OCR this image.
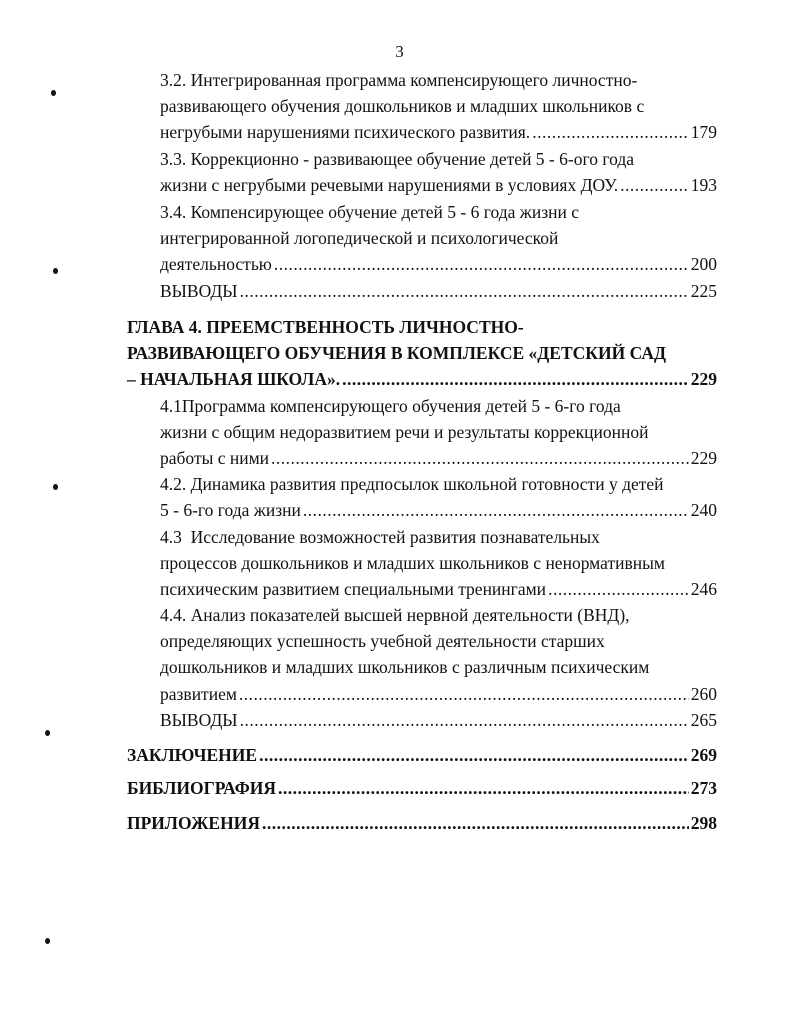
3
3.2. Интегрированная программа компенсирующего личностно-
развивающего обучения дошкольников и младших школьников с
негрубыми нарушениями психического развития. .....	179
3.3. Коррекционно - развивающее обучение детей 5 - 6-ого года
жизни с негрубыми речевыми нарушениями в условиях ДОУ. .....	193
3.4. Компенсирующее обучение детей 5 - 6 года жизни с
интегрированной логопедической и психологической
деятельностью .....	200
ВЫВОДЫ .....	225
ГЛАВА 4. ПРЕЕМСТВЕННОСТЬ ЛИЧНОСТНО-
РАЗВИВАЮЩЕГО ОБУЧЕНИЯ В КОМПЛЕКСЕ «ДЕТСКИЙ САД
– НАЧАЛЬНАЯ ШКОЛА». .....	229
4.1Программа компенсирующего обучения детей 5 - 6-го года
жизни с общим недоразвитием речи и результаты коррекционной
работы с ними .....	229
4.2. Динамика развития предпосылок школьной готовности у детей
5 - 6-го года жизни .....	240
4.3  Исследование возможностей развития познавательных
процессов дошкольников и младших школьников с ненормативным
психическим развитием специальными тренингами .....	246
4.4. Анализ показателей высшей нервной деятельности (ВНД),
определяющих успешность учебной деятельности старших
дошкольников и младших школьников с различным психическим
развитием .....	260
ВЫВОДЫ .....	265
ЗАКЛЮЧЕНИЕ .....	269
БИБЛИОГРАФИЯ .....	273
ПРИЛОЖЕНИЯ .....	298
